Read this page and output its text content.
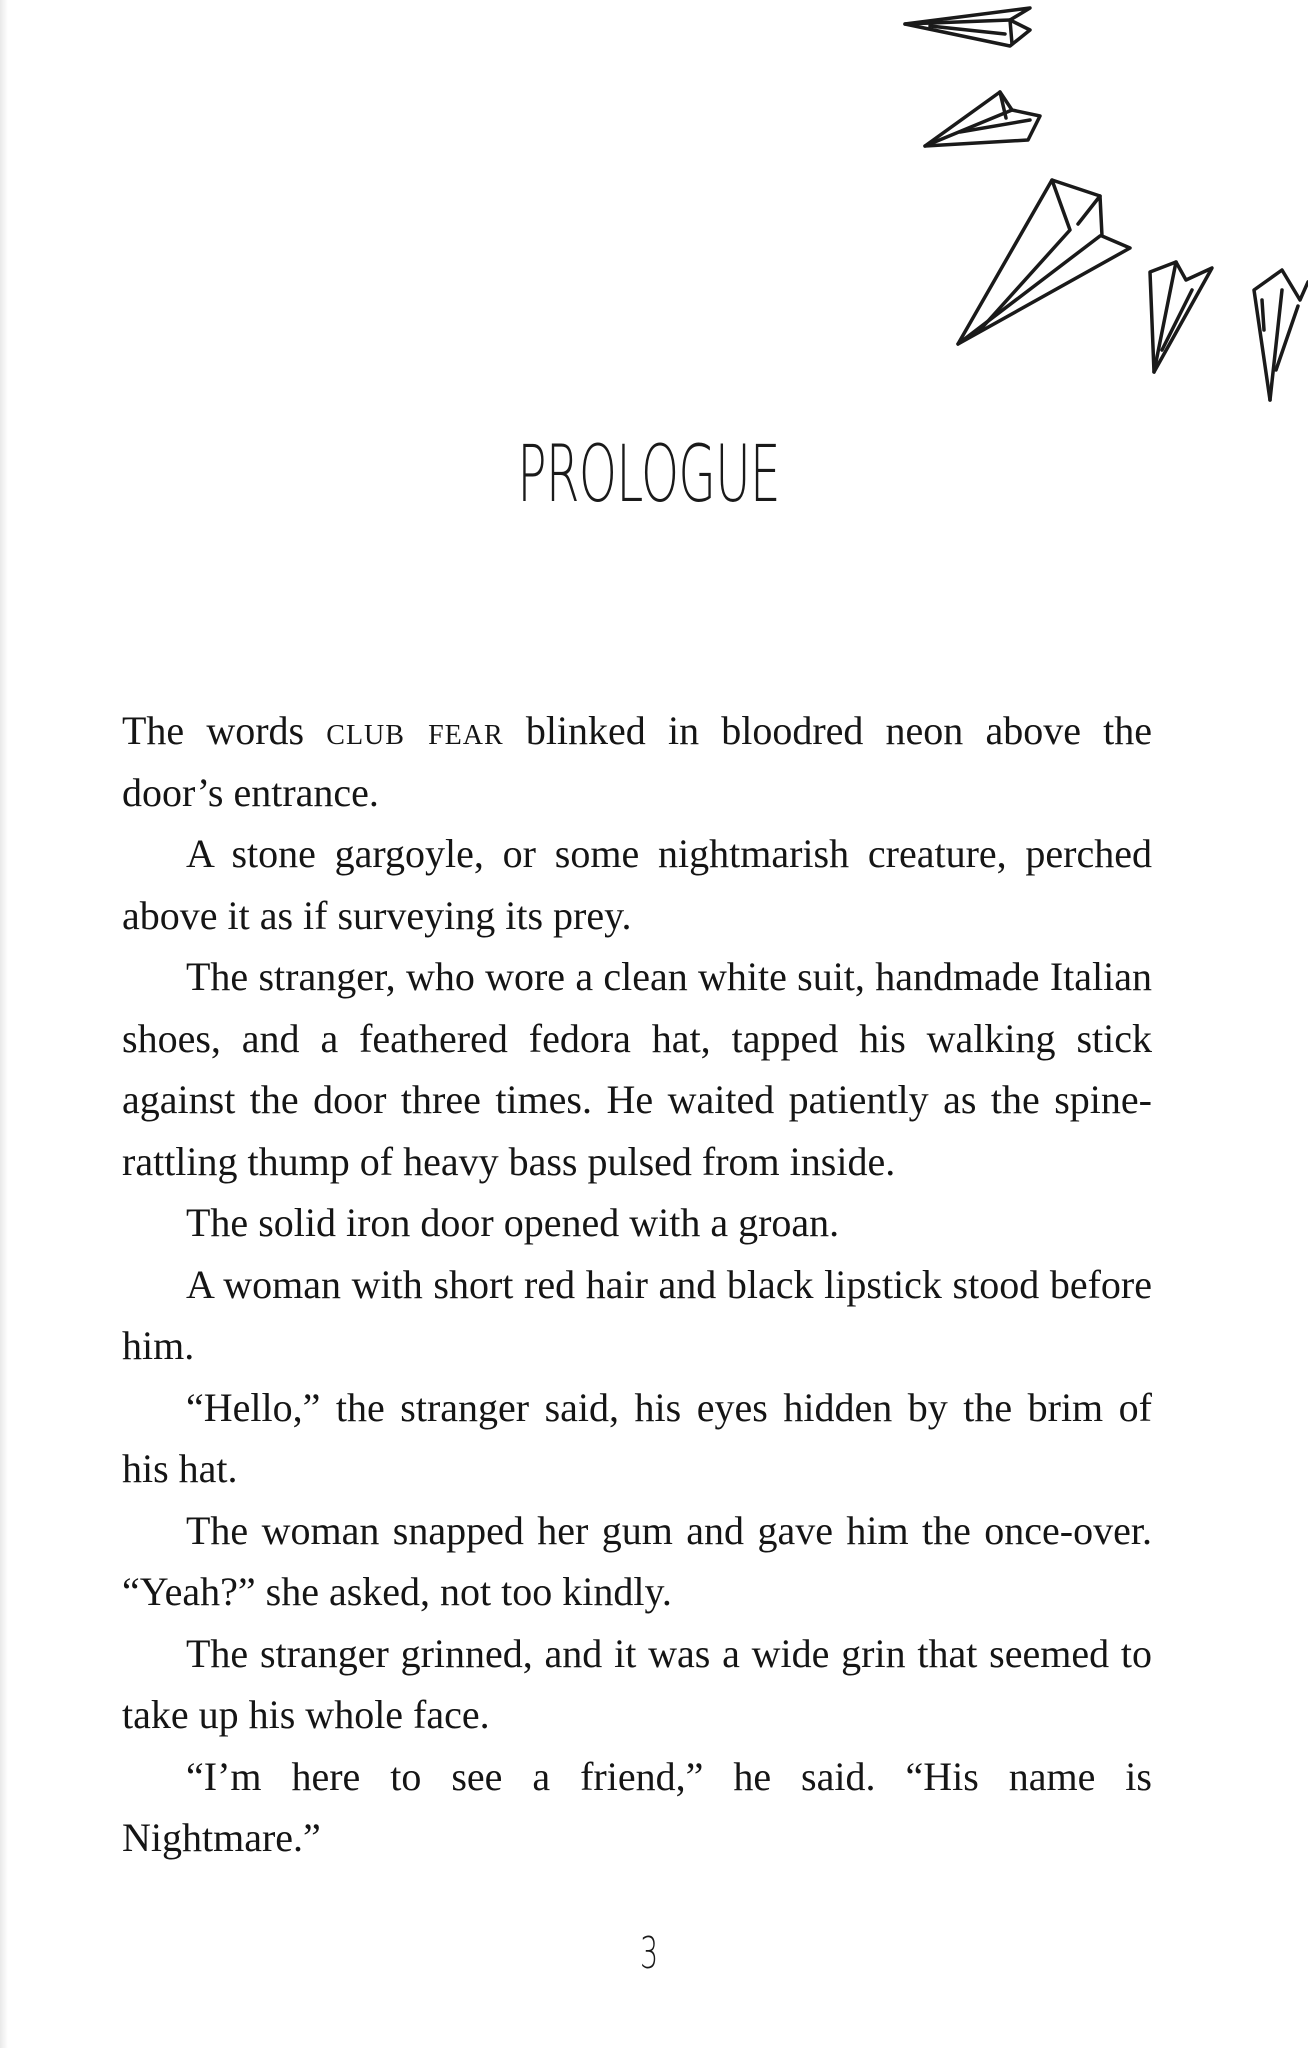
PROLOGUE

The words club fear blinked in bloodred neon above the door’s entrance.

A stone gargoyle, or some nightmarish creature, perched above it as if surveying its prey.

The stranger, who wore a clean white suit, handmade Italian shoes, and a feathered fedora hat, tapped his walking stick against the door three times. He waited patiently as the spine-rattling thump of heavy bass pulsed from inside.

The solid iron door opened with a groan.

A woman with short red hair and black lipstick stood before him.

“Hello,” the stranger said, his eyes hidden by the brim of his hat.

The woman snapped her gum and gave him the once-over. “Yeah?” she asked, not too kindly.

The stranger grinned, and it was a wide grin that seemed to take up his whole face.

“I’m here to see a friend,” he said. “His name is Nightmare.”

3
